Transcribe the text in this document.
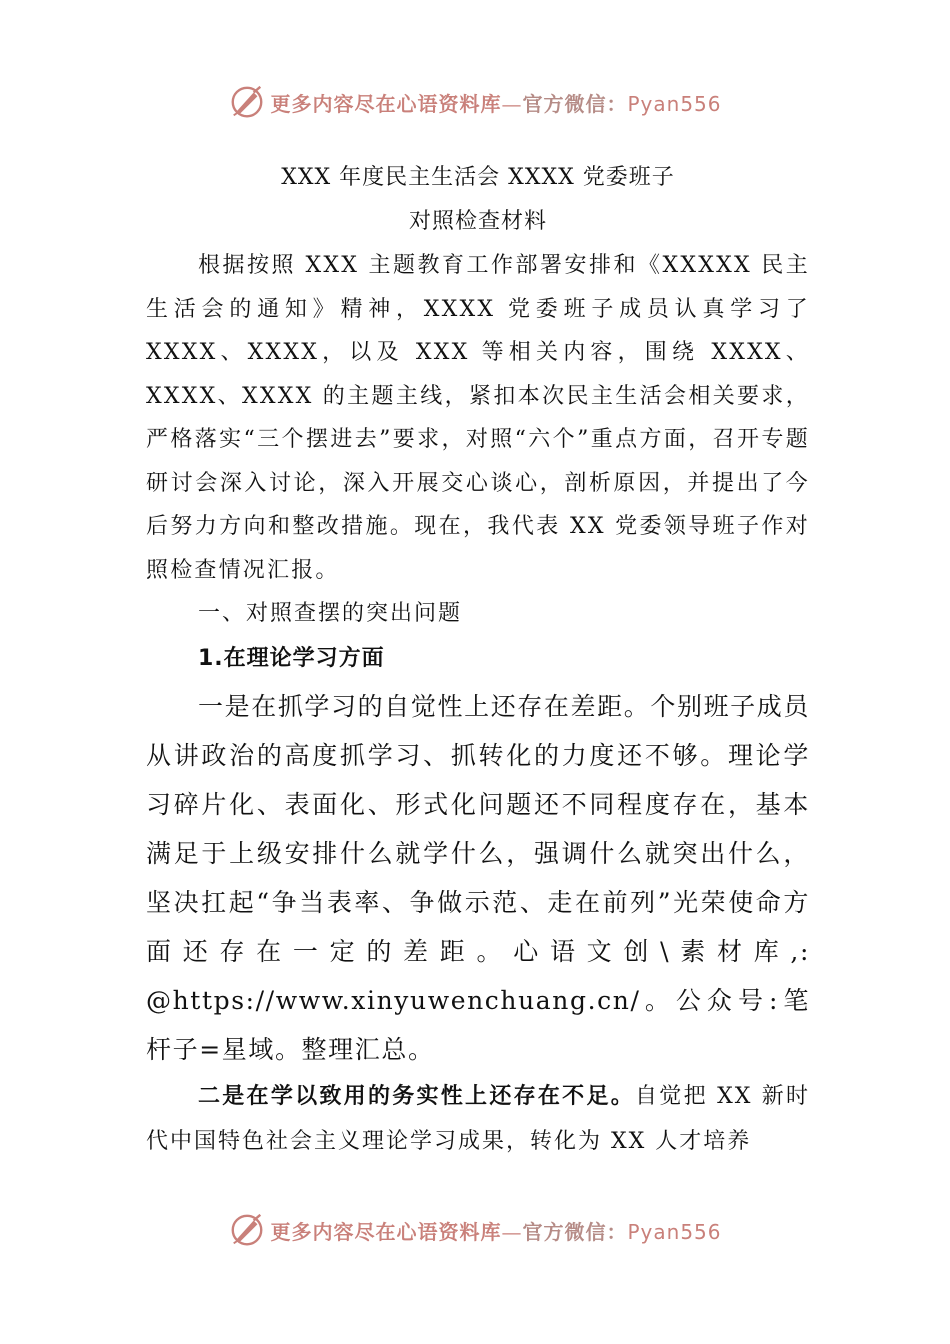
更多内容尽在心语资料库—官方微信：Pyan556

XXX 年度民主生活会 XXXX 党委班子

对照检查材料

根据按照 XXX 主题教育工作部署安排和《XXXXX 民主生活会的通知》精神，XXXX 党委班子成员认真学习了 XXXX、XXXX，以及 XXX 等相关内容，围绕 XXXX、XXXX、XXXX 的主题主线，紧扣本次民主生活会相关要求，严格落实“三个摆进去”要求，对照“六个”重点方面，召开专题研讨会深入讨论，深入开展交心谈心，剖析原因，并提出了今后努力方向和整改措施。现在，我代表 XX 党委领导班子作对照检查情况汇报。

一、对照查摆的突出问题

1.在理论学习方面

一是在抓学习的自觉性上还存在差距。个别班子成员从讲政治的高度抓学习、抓转化的力度还不够。理论学习碎片化、表面化、形式化问题还不同程度存在，基本满足于上级安排什么就学什么，强调什么就突出什么，坚决扛起“争当表率、争做示范、走在前列”光荣使命方面还存在一定的差距。心语文创\素材库,: @https://www.xinyuwenchuang.cn/。公众号:笔杆子=星域。整理汇总。

二是在学以致用的务实性上还存在不足。自觉把 XX 新时代中国特色社会主义理论学习成果，转化为 XX 人才培养

更多内容尽在心语资料库—官方微信：Pyan556
